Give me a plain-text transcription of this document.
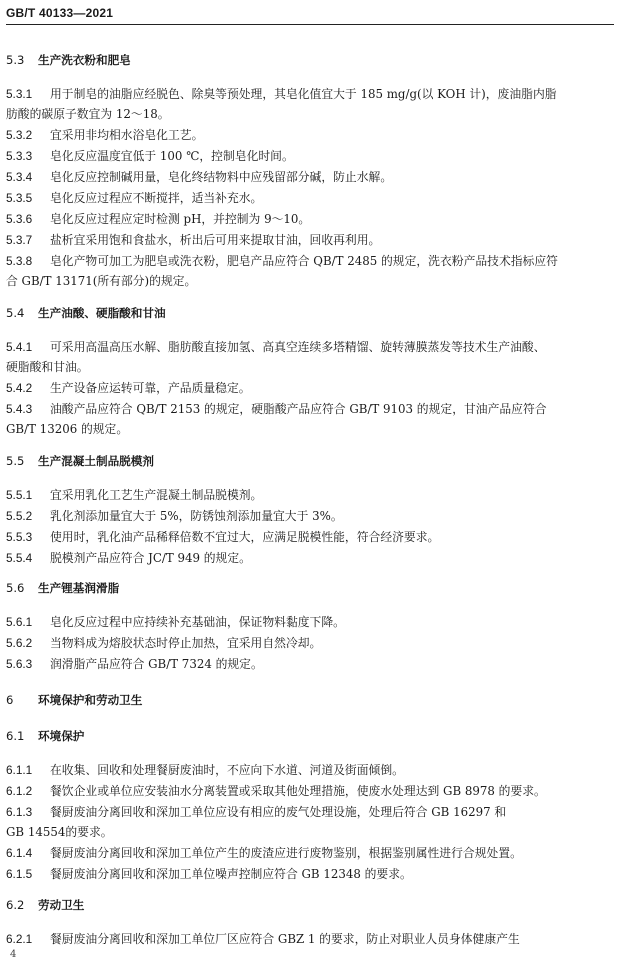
GB/T 40133—2021
5.3 生产洗衣粉和肥皂
5.3.1 用于制皂的油脂应经脱色、除臭等预处理，其皂化值宜大于 185 mg/g(以 KOH 计)，废油脂内脂
肪酸的碳原子数宜为 12～18。
5.3.2 宜采用非均相水浴皂化工艺。
5.3.3 皂化反应温度宜低于 100 ℃，控制皂化时间。
5.3.4 皂化反应控制碱用量，皂化终结物料中应残留部分碱，防止水解。
5.3.5 皂化反应过程应不断搅拌，适当补充水。
5.3.6 皂化反应过程应定时检测 pH，并控制为 9～10。
5.3.7 盐析宜采用饱和食盐水，析出后可用来提取甘油，回收再利用。
5.3.8 皂化产物可加工为肥皂或洗衣粉，肥皂产品应符合 QB/T 2485 的规定，洗衣粉产品技术指标应符
合 GB/T 13171(所有部分)的规定。
5.4 生产油酸、硬脂酸和甘油
5.4.1 可采用高温高压水解、脂肪酸直接加氢、高真空连续多塔精馏、旋转薄膜蒸发等技术生产油酸、
硬脂酸和甘油。
5.4.2 生产设备应运转可靠，产品质量稳定。
5.4.3 油酸产品应符合 QB/T 2153 的规定，硬脂酸产品应符合 GB/T 9103 的规定，甘油产品应符合
GB/T 13206 的规定。
5.5 生产混凝土制品脱模剂
5.5.1 宜采用乳化工艺生产混凝土制品脱模剂。
5.5.2 乳化剂添加量宜大于 5%，防锈蚀剂添加量宜大于 3%。
5.5.3 使用时，乳化油产品稀释倍数不宜过大，应满足脱模性能，符合经济要求。
5.5.4 脱模剂产品应符合 JC/T 949 的规定。
5.6 生产锂基润滑脂
5.6.1 皂化反应过程中应持续补充基础油，保证物料黏度下降。
5.6.2 当物料成为熔胶状态时停止加热，宜采用自然冷却。
5.6.3 润滑脂产品应符合 GB/T 7324 的规定。
6 环境保护和劳动卫生
6.1 环境保护
6.1.1 在收集、回收和处理餐厨废油时，不应向下水道、河道及街面倾倒。
6.1.2 餐饮企业或单位应安装油水分离装置或采取其他处理措施，使废水处理达到 GB 8978 的要求。
6.1.3 餐厨废油分离回收和深加工单位应设有相应的废气处理设施，处理后符合 GB 16297 和
GB 14554的要求。
6.1.4 餐厨废油分离回收和深加工单位产生的废渣应进行废物鉴别，根据鉴别属性进行合规处置。
6.1.5 餐厨废油分离回收和深加工单位噪声控制应符合 GB 12348 的要求。
6.2 劳动卫生
6.2.1 餐厨废油分离回收和深加工单位厂区应符合 GBZ 1 的要求，防止对职业人员身体健康产生
4
